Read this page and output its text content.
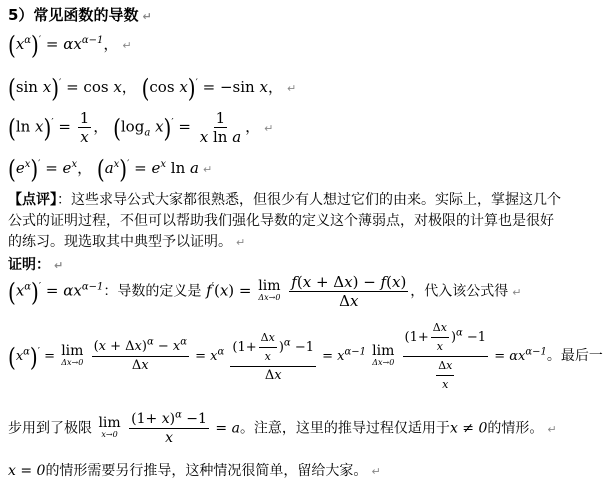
5）常见函数的导数 ↵
$(x^\alpha)' = \alpha x^{\alpha-1}$， ↵
(sin x)′ = cos x， (cos x)′ = −sin x， ↵
(ln $x)' = \frac{1}{x}$ ， ($\log_a$ $x)' = \frac{1}{\text{x ln a}}$ ， ↵
$(e^x)' = e^x$， $(a^x)' = e^x$ ln a ↵
【点评】：这些求导公式大家都很熟悉，但很少有人想过它们的由来。实际上，掌握这几个公式的证明过程，不但可以帮助我们强化导数的定义这个薄弱点，对极限的计算也是很好的练习。现选取其中典型予以证明。 ↵
证明： ↵
$(x^\alpha)' = \alpha x^{\alpha-1}$：导数的定义是 f′(x) = lim
Δx→0
$\frac{f(x + \Delta x) - f(x)}{\Delta x}$ ，代入该公式得 ↵
$(x^\alpha)' = \lim$
Δx→0
$\frac{(x + \Delta x)^\alpha - x^\alpha}{\Delta x} = x^\alpha \frac{(1+ \frac{\Delta x}{x} )^\alpha -1}{\Delta x} = x^{\alpha-1}$ lim
Δx→0
$\frac{(1+ \frac{\Delta x}{x} )^\alpha -1}{\frac{\Delta x}{x}} = \alpha x^{\alpha-1}$。最后一
步用到了极限 lim
x→0
$\frac{(1+ x)^\alpha -1}{x} = a$。注意，这里的推导过程仅适用于x ≠ 0的情形。 ↵
x = 0的情形需要另行推导，这种情况很简单，留给大家。 ↵
